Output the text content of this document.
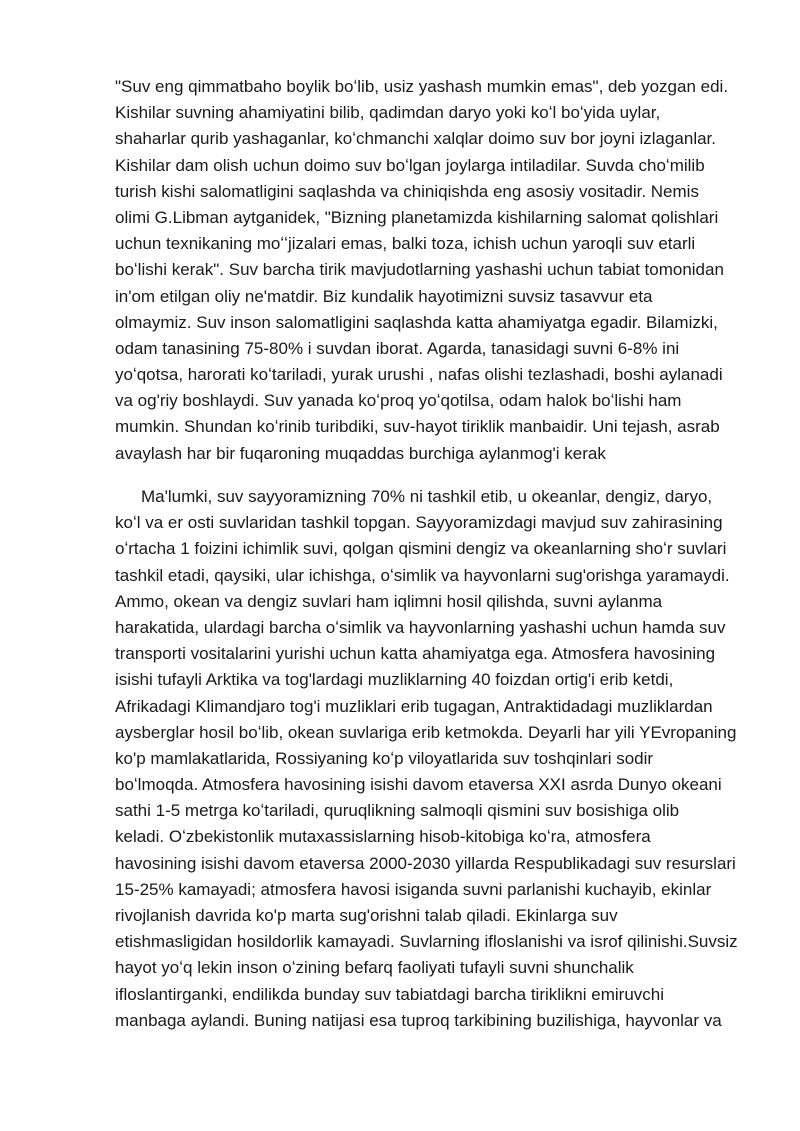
"Suv eng qimmatbaho boylik boʻlib, usiz yashash mumkin emas", deb yozgan edi.
Kishilar suvning ahamiyatini bilib, qadimdan daryo yoki koʻl boʻyida uylar,
shaharlar qurib yashaganlar, koʻchmanchi xalqlar doimo suv bor joyni izlaganlar.
Kishilar dam olish uchun doimo suv boʻlgan joylarga intiladilar. Suvda choʻmilib
turish kishi salomatligini saqlashda va chiniqishda eng asosiy vositadir. Nemis
olimi G.Libman aytganidek, "Bizning planetamizda kishilarning salomat qolishlari
uchun texnikaning moʻʻjizalari emas, balki toza, ichish uchun yaroqli suv etarli
boʻlishi kerak". Suv barcha tirik mavjudotlarning yashashi uchun tabiat tomonidan
in'om etilgan oliy ne'matdir. Biz kundalik hayotimizni suvsiz tasavvur eta
olmaymiz. Suv inson salomatligini saqlashda katta ahamiyatga egadir. Bilamizki,
odam tanasining 75-80% i suvdan iborat. Agarda, tanasidagi suvni 6-8% ini
yoʻqotsa, harorati koʻtariladi, yurak urushi , nafas olishi tezlashadi, boshi aylanadi
va og'riy boshlaydi. Suv yanada koʻproq yoʻqotilsa, odam halok boʻlishi ham
mumkin. Shundan koʻrinib turibdiki, suv-hayot tiriklik manbaidir. Uni tejash, asrab
avaylash har bir fuqaroning muqaddas burchiga aylanmog'i kerak
Ma'lumki, suv sayyoramizning 70% ni tashkil etib, u okeanlar, dengiz, daryo,
koʻl va er osti suvlaridan tashkil topgan. Sayyoramizdagi mavjud suv zahirasining
oʻrtacha 1 foizini ichimlik suvi, qolgan qismini dengiz va okeanlarning shoʻr suvlari
tashkil etadi, qaysiki, ular ichishga, oʻsimlik va hayvonlarni sug'orishga yaramaydi.
Ammo, okean va dengiz suvlari ham iqlimni hosil qilishda, suvni aylanma
harakatida, ulardagi barcha oʻsimlik va hayvonlarning yashashi uchun hamda suv
transporti vositalarini yurishi uchun katta ahamiyatga ega. Atmosfera havosining
isishi tufayli Arktika va tog'lardagi muzliklarning 40 foizdan ortig'i erib ketdi,
Afrikadagi Klimandjaro tog'i muzliklari erib tugagan, Antraktidadagi muzliklardan
aysberglar hosil boʻlib, okean suvlariga erib ketmokda. Deyarli har yili YEvropaning
ko'p mamlakatlarida, Rossiyaning koʻp viloyatlarida suv toshqinlari sodir
boʻlmoqda. Atmosfera havosining isishi davom etaversa XXI asrda Dunyo okeani
sathi 1-5 metrga koʻtariladi, quruqlikning salmoqli qismini suv bosishiga olib
keladi. Oʻzbekistonlik mutaxassislarning hisob-kitobiga koʻra, atmosfera
havosining isishi davom etaversa 2000-2030 yillarda Respublikadagi suv resurslari
15-25% kamayadi; atmosfera havosi isiganda suvni parlanishi kuchayib, ekinlar
rivojlanish davrida ko'p marta sug'orishni talab qiladi. Ekinlarga suv
etishmasligidan hosildorlik kamayadi. Suvlarning ifloslanishi va isrof qilinishi.Suvsiz
hayot yoʻq lekin inson oʻzining befarq faoliyati tufayli suvni shunchalik
ifloslantirganki, endilikda bunday suv tabiatdagi barcha tiriklikni emiruvchi
manbaga aylandi. Buning natijasi esa tuproq tarkibining buzilishiga, hayvonlar va
